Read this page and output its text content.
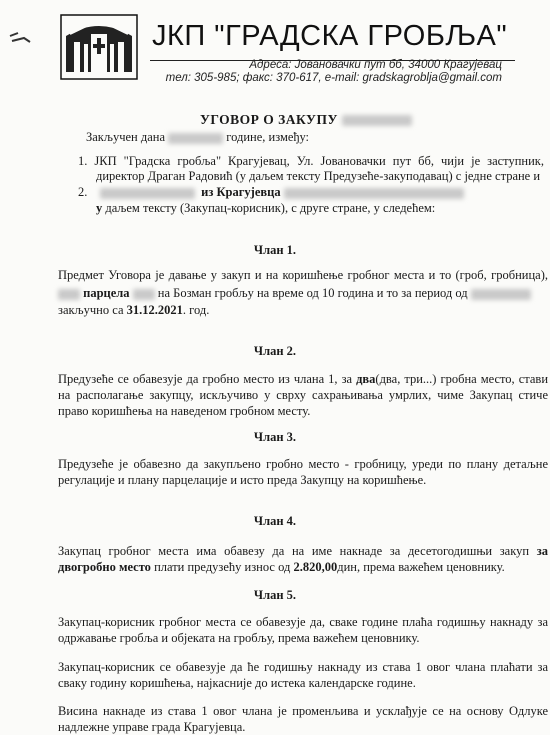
ЈКП "ГРАДСКА ГРОБЉА"
Адреса: Јовановачки пут бб, 34000 Крагујевац
тел: 305-985; факс: 370-617, e-mail: gradskagroblja@gmail.com
УГОВОР О ЗАКУПУ
Закључен дана	године, између:
1. ЈКП "Градска гробља" Крагујевац, Ул. Јовановачки пут бб, чији је заступник,
директор Драган Радовић (у даљем тексту Предузеће-закуподавац) с једне стране и
2.	из Крагујевца
у даљем тексту (Закупац-корисник), с друге стране, у следећем:
Члан 1.
Предмет Уговора је давање у закуп и на коришћење гробног места и то (гроб, гробница),
парцела на Бозман гробљу на време од 10 година и то за период од
закључно са 31.12.2021. год.
Члан 2.
Предузеће се обавезује да гробно место из члана 1, за два(два, три...) гробна место, стави
на располагање закупцу, искључиво у сврху сахрањивања умрлих, чиме Закупац стиче
право коришћења на наведеном гробном месту.
Члан 3.
Предузеће је обавезно да закупљено гробно место - гробницу, уреди по плану детаљне
регулације и плану парцелације и исто преда Закупцу на коришћење.
Члан 4.
Закупац гробног места има обавезу да на име накнаде за десетогодишњи закуп за
двогробно место плати предузећу износ од 2.820,00дин, према важећем ценовнику.
Члан 5.
Закупац-корисник гробног места се обавезује да, сваке године плаћа годишњу накнаду за
одржавање гробља и објеката на гробљу, према важећем ценовнику.
Закупац-корисник се обавезује да ће годишњу накнаду из става 1 овог члана плаћати за
сваку годину коришћења, најкасније до истека календарске године.
Висина накнаде из става 1 овог члана је променљива и усклађује се на основу Одлуке
надлежне управе града Крагујевца.
